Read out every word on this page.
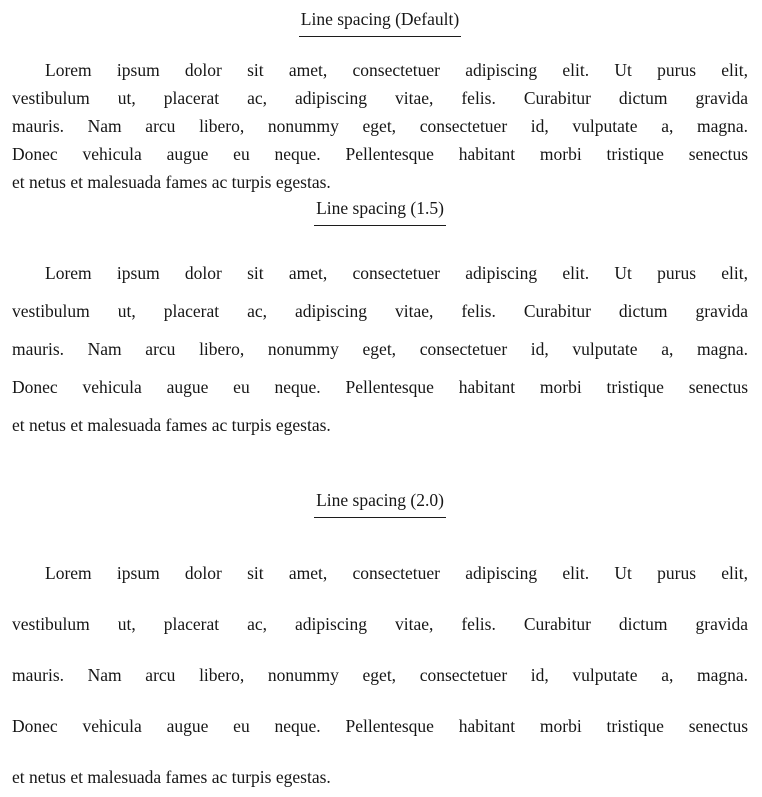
Line spacing (Default)
Lorem ipsum dolor sit amet, consectetuer adipiscing elit. Ut purus elit,
vestibulum ut, placerat ac, adipiscing vitae, felis. Curabitur dictum gravida
mauris. Nam arcu libero, nonummy eget, consectetuer id, vulputate a, magna.
Donec vehicula augue eu neque. Pellentesque habitant morbi tristique senectus
et netus et malesuada fames ac turpis egestas.
Line spacing (1.5)
Lorem ipsum dolor sit amet, consectetuer adipiscing elit. Ut purus elit,
vestibulum ut, placerat ac, adipiscing vitae, felis. Curabitur dictum gravida
mauris. Nam arcu libero, nonummy eget, consectetuer id, vulputate a, magna.
Donec vehicula augue eu neque. Pellentesque habitant morbi tristique senectus
et netus et malesuada fames ac turpis egestas.
Line spacing (2.0)
Lorem ipsum dolor sit amet, consectetuer adipiscing elit. Ut purus elit,
vestibulum ut, placerat ac, adipiscing vitae, felis. Curabitur dictum gravida
mauris. Nam arcu libero, nonummy eget, consectetuer id, vulputate a, magna.
Donec vehicula augue eu neque. Pellentesque habitant morbi tristique senectus
et netus et malesuada fames ac turpis egestas.
